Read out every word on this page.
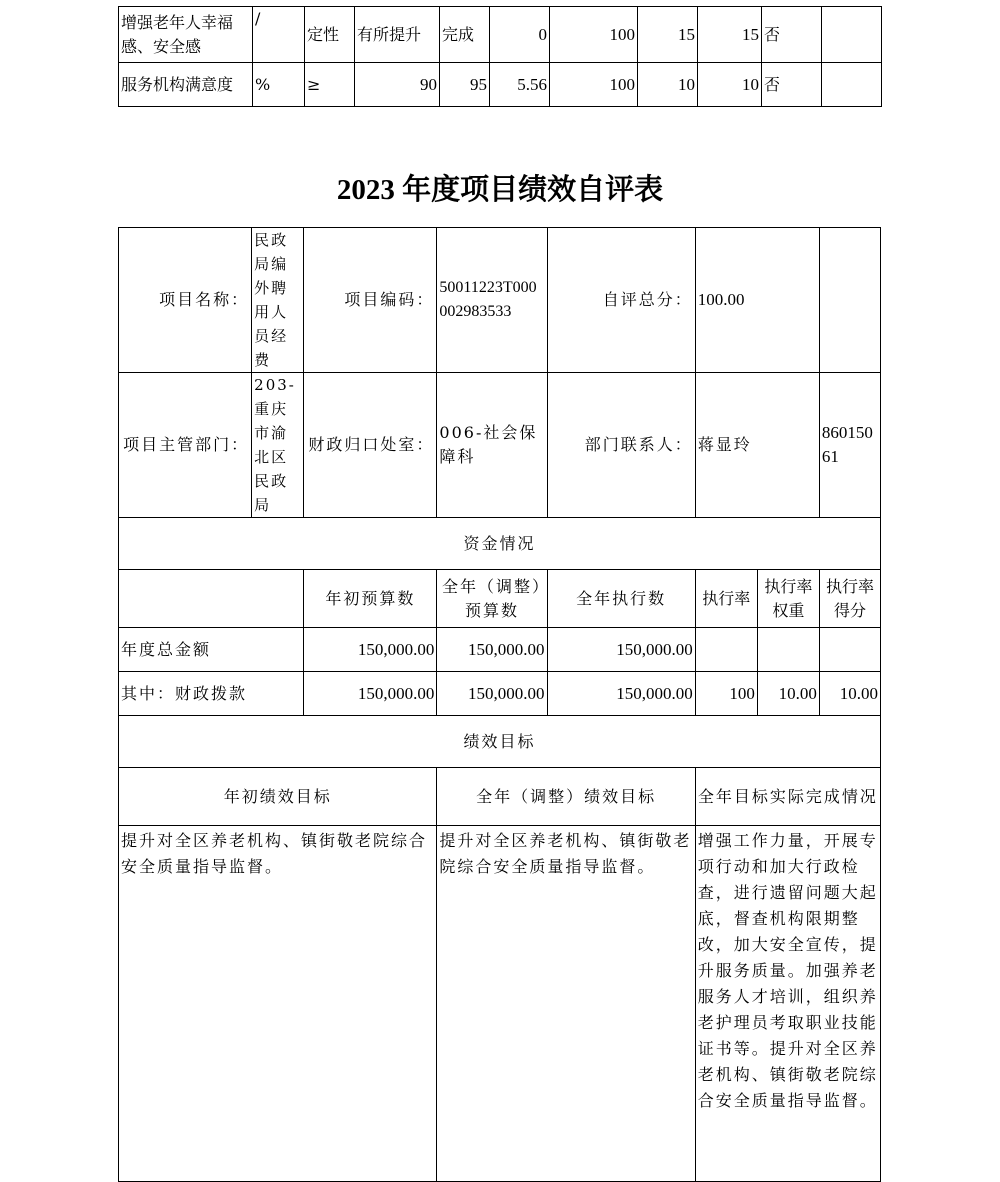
增强老年人幸福感、安全感	/	定性	有所提升	完成	0	100	15	15	否	
服务机构满意度	%	≥	90	95	5.56	100	10	10	否	
2023 年度项目绩效自评表
项目名称：	民政局编外聘用人员经费	项目编码：	50011223T000002983533	自评总分：	100.00		
项目主管部门：	203-重庆市渝北区民政局	财政归口处室：	006-社会保障科	部门联系人：	蒋显玲		86015061
资金情况							
		年初预算数	全年（调整）预算数	全年执行数	执行率	执行率权重	执行率得分
年度总金额		150,000.00	150,000.00	150,000.00			
其中：财政拨款		150,000.00	150,000.00	150,000.00	100	10.00	10.00
绩效目标							
年初绩效目标			全年（调整）绩效目标		全年目标实际完成情况		
提升对全区养老机构、镇街敬老院综合安全质量指导监督。			提升对全区养老机构、镇街敬老院综合安全质量指导监督。		增强工作力量，开展专项行动和加大行政检查，进行遗留问题大起底，督查机构限期整改，加大安全宣传，提升服务质量。加强养老服务人才培训，组织养老护理员考取职业技能证书等。提升对全区养老机构、镇街敬老院综合安全质量指导监督。		
